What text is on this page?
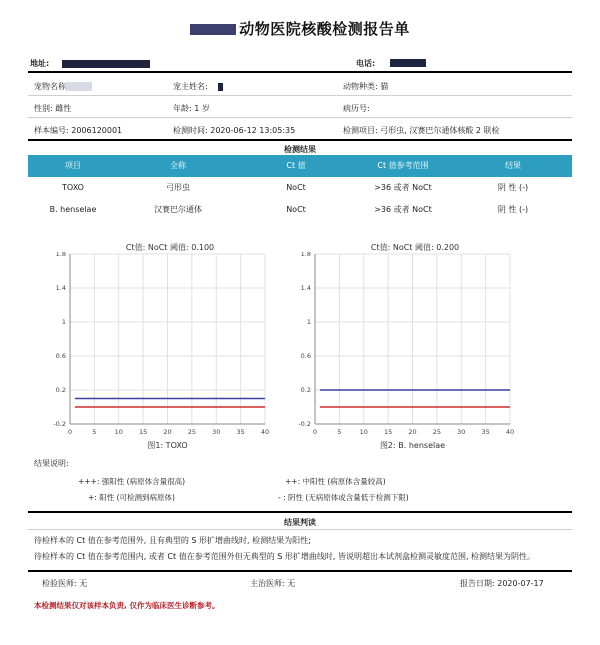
动物医院核酸检测报告单
地址:	电话:
宠物名称	宠主姓名:	动物种类: 猫
性别: 雌性	年龄: 1 岁	病历号:
样本编号: 2006120001	检测时间: 2020-06-12 13:05:35	检测项目: 弓形虫, 汉赛巴尔通体核酸 2 联检
检测结果
项目	全称	Ct 值	Ct 值参考范围	结果
TOXO	弓形虫	NoCt	>36 或者 NoCt	阴 性 (-)
B. henselae	汉赛巴尔通体	NoCt	>36 或者 NoCt	阴 性 (-)
Ct值: NoCt 阈值: 0.100
0	5	10 15 20 25 30 35 40
-0.2
0.2
0.6
1
1.4
1.8
图1: TOXO
Ct值: NoCt 阈值: 0.200
0	5	10 15 20 25 30 35 40
-0.2
0.2
0.6
1
1.4
1.8
图2: B. henselae
结果说明:
+++: 强阳性 (病原体含量很高)	++: 中阳性 (病原体含量较高)
+: 阳性 (可检测到病原体)	- : 阴性 (无病原体或含量低于检测下限)
结果判读
待检样本的 Ct 值在参考范围外, 且有典型的 S 形扩增曲线时, 检测结果为阳性;
待检样本的 Ct 值在参考范围内, 或者 Ct 值在参考范围外但无典型的 S 形扩增曲线时, 皆说明超出本试剂盒检测灵敏度范围, 检测结果为阴性。
检验医师: 无	主治医师: 无	报告日期: 2020-07-17
本检测结果仅对该样本负责, 仅作为临床医生诊断参考。
